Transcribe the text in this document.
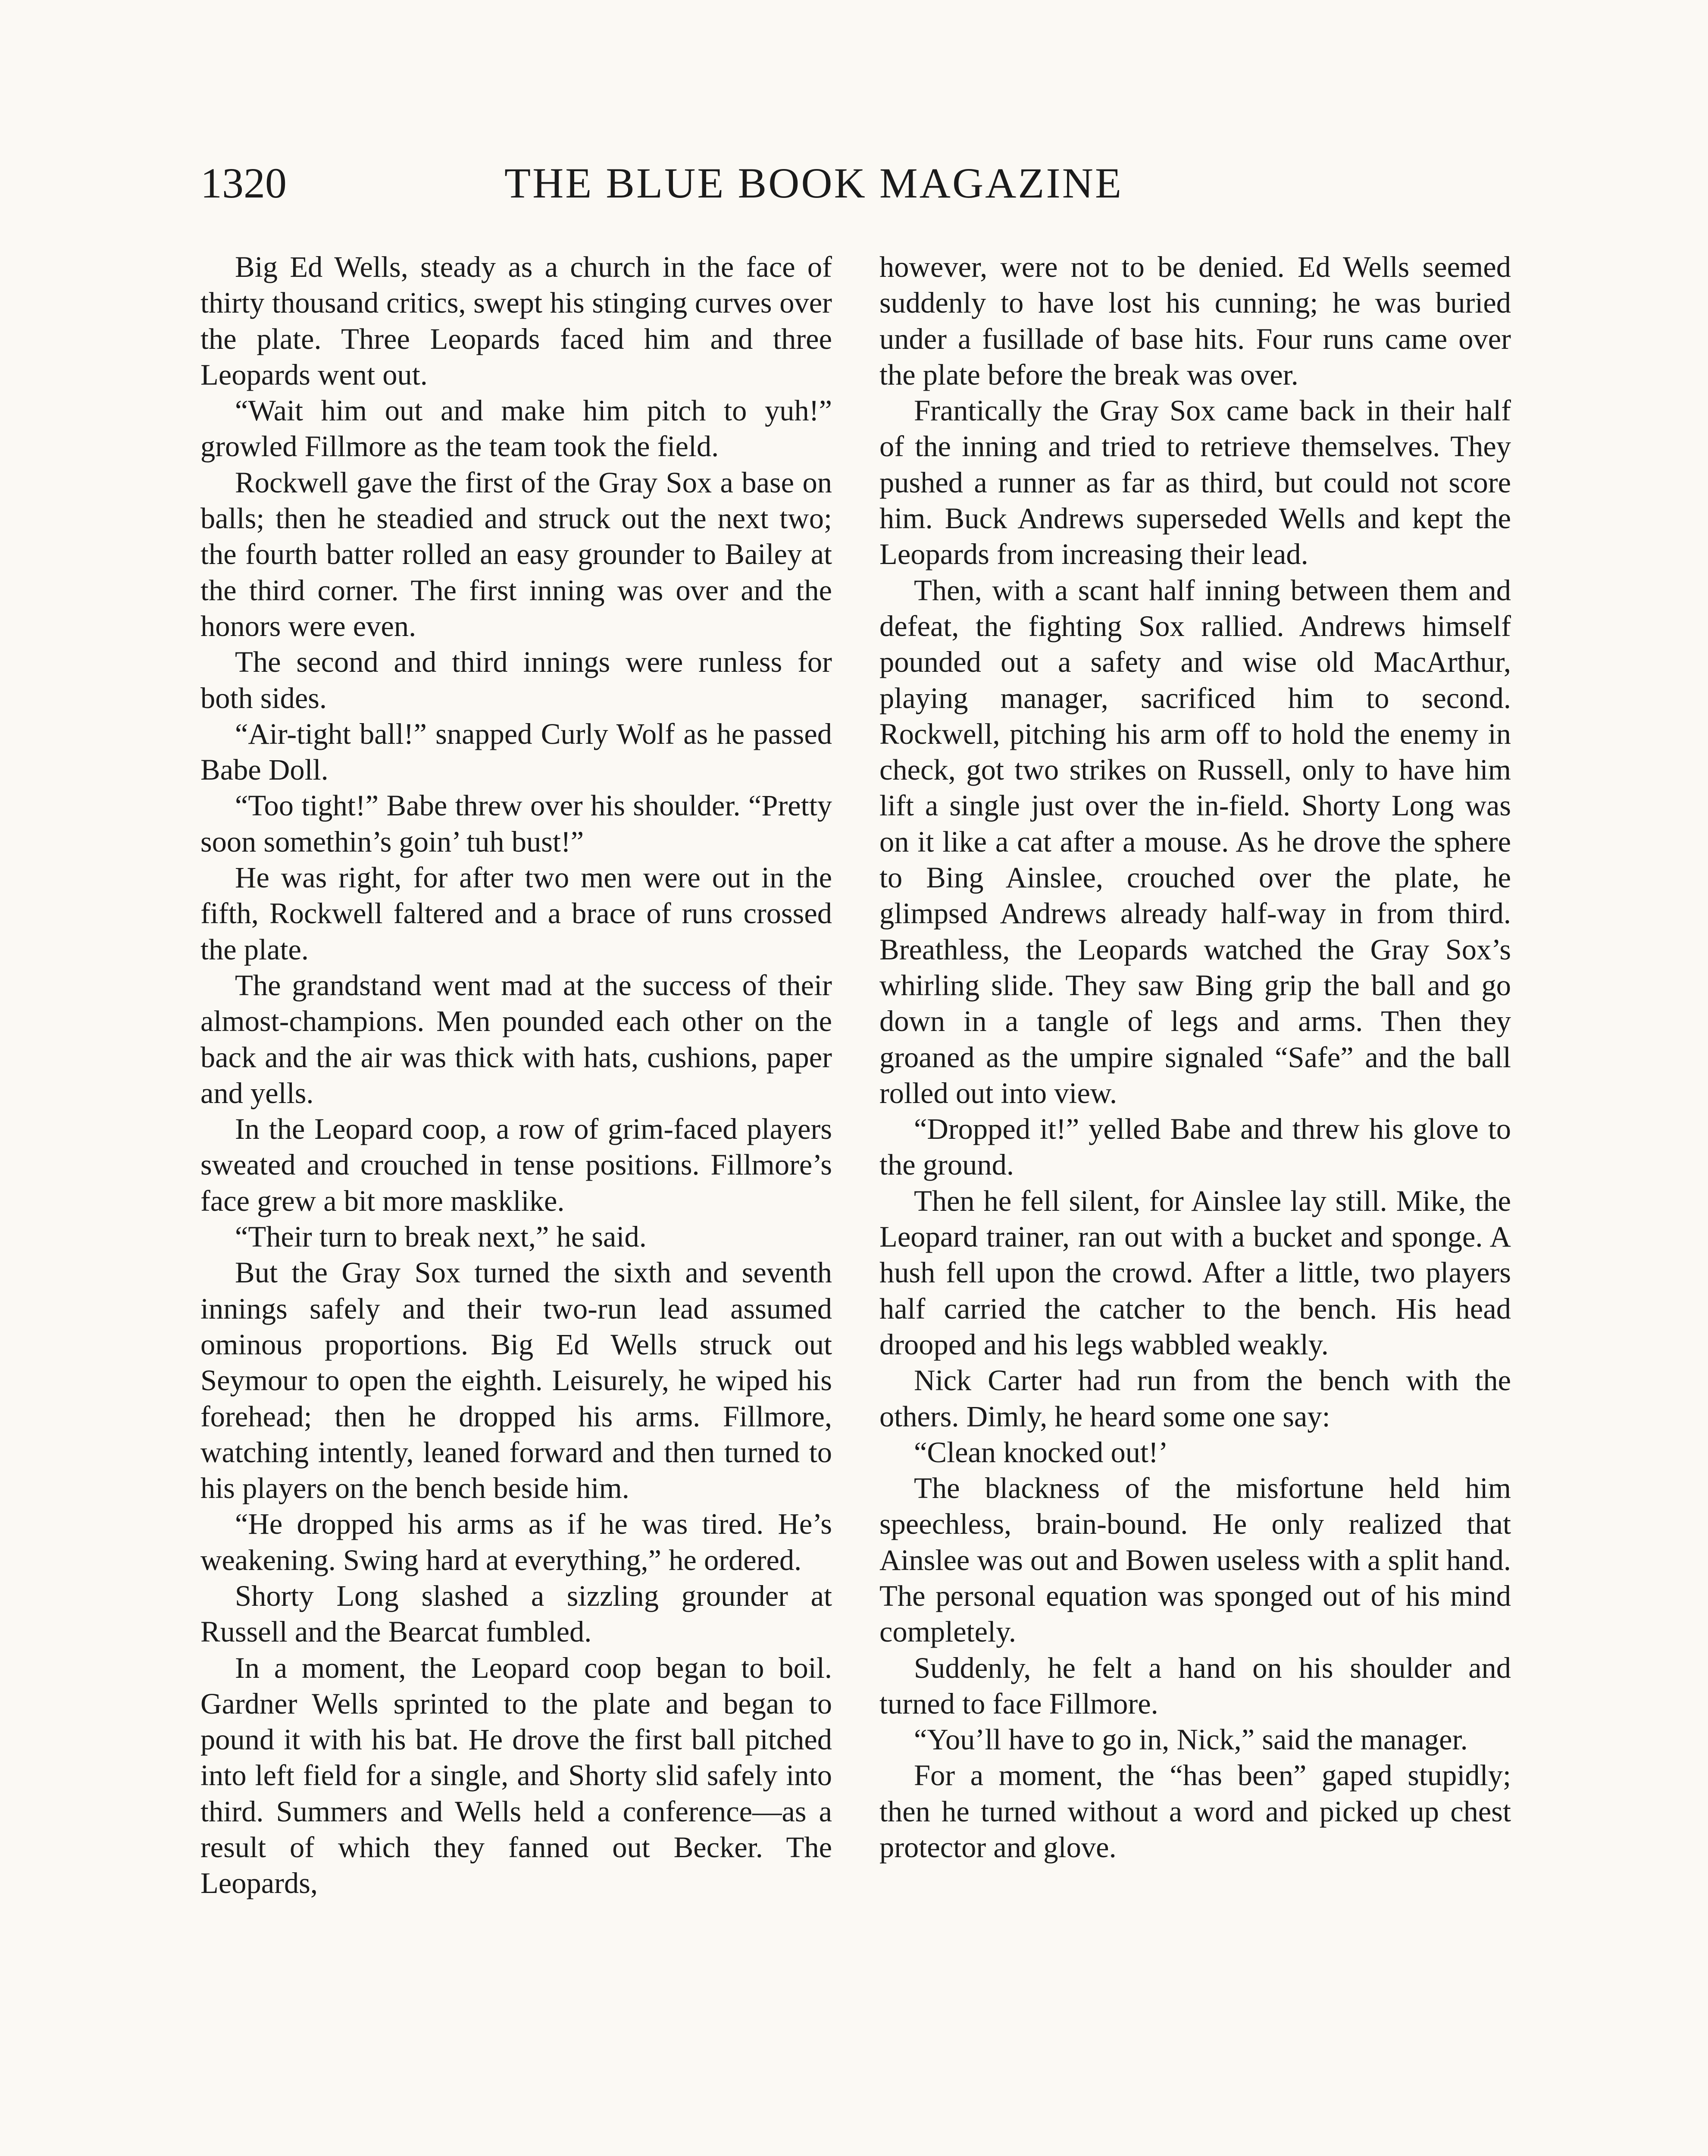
1320	THE BLUE BOOK MAGAZINE

Big Ed Wells, steady as a church in the face of thirty thousand critics, swept his stinging curves over the plate. Three Leopards faced him and three Leopards went out.

“Wait him out and make him pitch to yuh!” growled Fillmore as the team took the field.

Rockwell gave the first of the Gray Sox a base on balls; then he steadied and struck out the next two; the fourth batter rolled an easy grounder to Bailey at the third corner. The first inning was over and the honors were even.

The second and third innings were runless for both sides.

“Air-tight ball!” snapped Curly Wolf as he passed Babe Doll.

“Too tight!” Babe threw over his shoulder. “Pretty soon somethin’s goin’ tuh bust!”

He was right, for after two men were out in the fifth, Rockwell faltered and a brace of runs crossed the plate.

The grandstand went mad at the success of their almost-champions. Men pounded each other on the back and the air was thick with hats, cushions, paper and yells.

In the Leopard coop, a row of grim-faced players sweated and crouched in tense positions. Fillmore’s face grew a bit more masklike.

“Their turn to break next,” he said.

But the Gray Sox turned the sixth and seventh innings safely and their two-run lead assumed ominous proportions. Big Ed Wells struck out Seymour to open the eighth. Leisurely, he wiped his forehead; then he dropped his arms. Fillmore, watching intently, leaned forward and then turned to his players on the bench beside him.

“He dropped his arms as if he was tired. He’s weakening. Swing hard at everything,” he ordered.

Shorty Long slashed a sizzling grounder at Russell and the Bearcat fumbled.

In a moment, the Leopard coop began to boil. Gardner Wells sprinted to the plate and began to pound it with his bat. He drove the first ball pitched into left field for a single, and Shorty slid safely into third. Summers and Wells held a conference—as a result of which they fanned out Becker. The Leopards,

however, were not to be denied. Ed Wells seemed suddenly to have lost his cunning; he was buried under a fusillade of base hits. Four runs came over the plate before the break was over.

Frantically the Gray Sox came back in their half of the inning and tried to retrieve themselves. They pushed a runner as far as third, but could not score him. Buck Andrews superseded Wells and kept the Leopards from increasing their lead.

Then, with a scant half inning between them and defeat, the fighting Sox rallied. Andrews himself pounded out a safety and wise old MacArthur, playing manager, sacrificed him to second. Rockwell, pitching his arm off to hold the enemy in check, got two strikes on Russell, only to have him lift a single just over the in-field. Shorty Long was on it like a cat after a mouse. As he drove the sphere to Bing Ainslee, crouched over the plate, he glimpsed Andrews already half-way in from third. Breathless, the Leopards watched the Gray Sox’s whirling slide. They saw Bing grip the ball and go down in a tangle of legs and arms. Then they groaned as the umpire signaled “Safe” and the ball rolled out into view.

“Dropped it!” yelled Babe and threw his glove to the ground.

Then he fell silent, for Ainslee lay still. Mike, the Leopard trainer, ran out with a bucket and sponge. A hush fell upon the crowd. After a little, two players half carried the catcher to the bench. His head drooped and his legs wabbled weakly.

Nick Carter had run from the bench with the others. Dimly, he heard some one say:

“Clean knocked out!’

The blackness of the misfortune held him speechless, brain-bound. He only realized that Ainslee was out and Bowen useless with a split hand. The personal equation was sponged out of his mind completely.

Suddenly, he felt a hand on his shoulder and turned to face Fillmore.

“You’ll have to go in, Nick,” said the manager.

For a moment, the “has been” gaped stupidly; then he turned without a word and picked up chest protector and glove.
